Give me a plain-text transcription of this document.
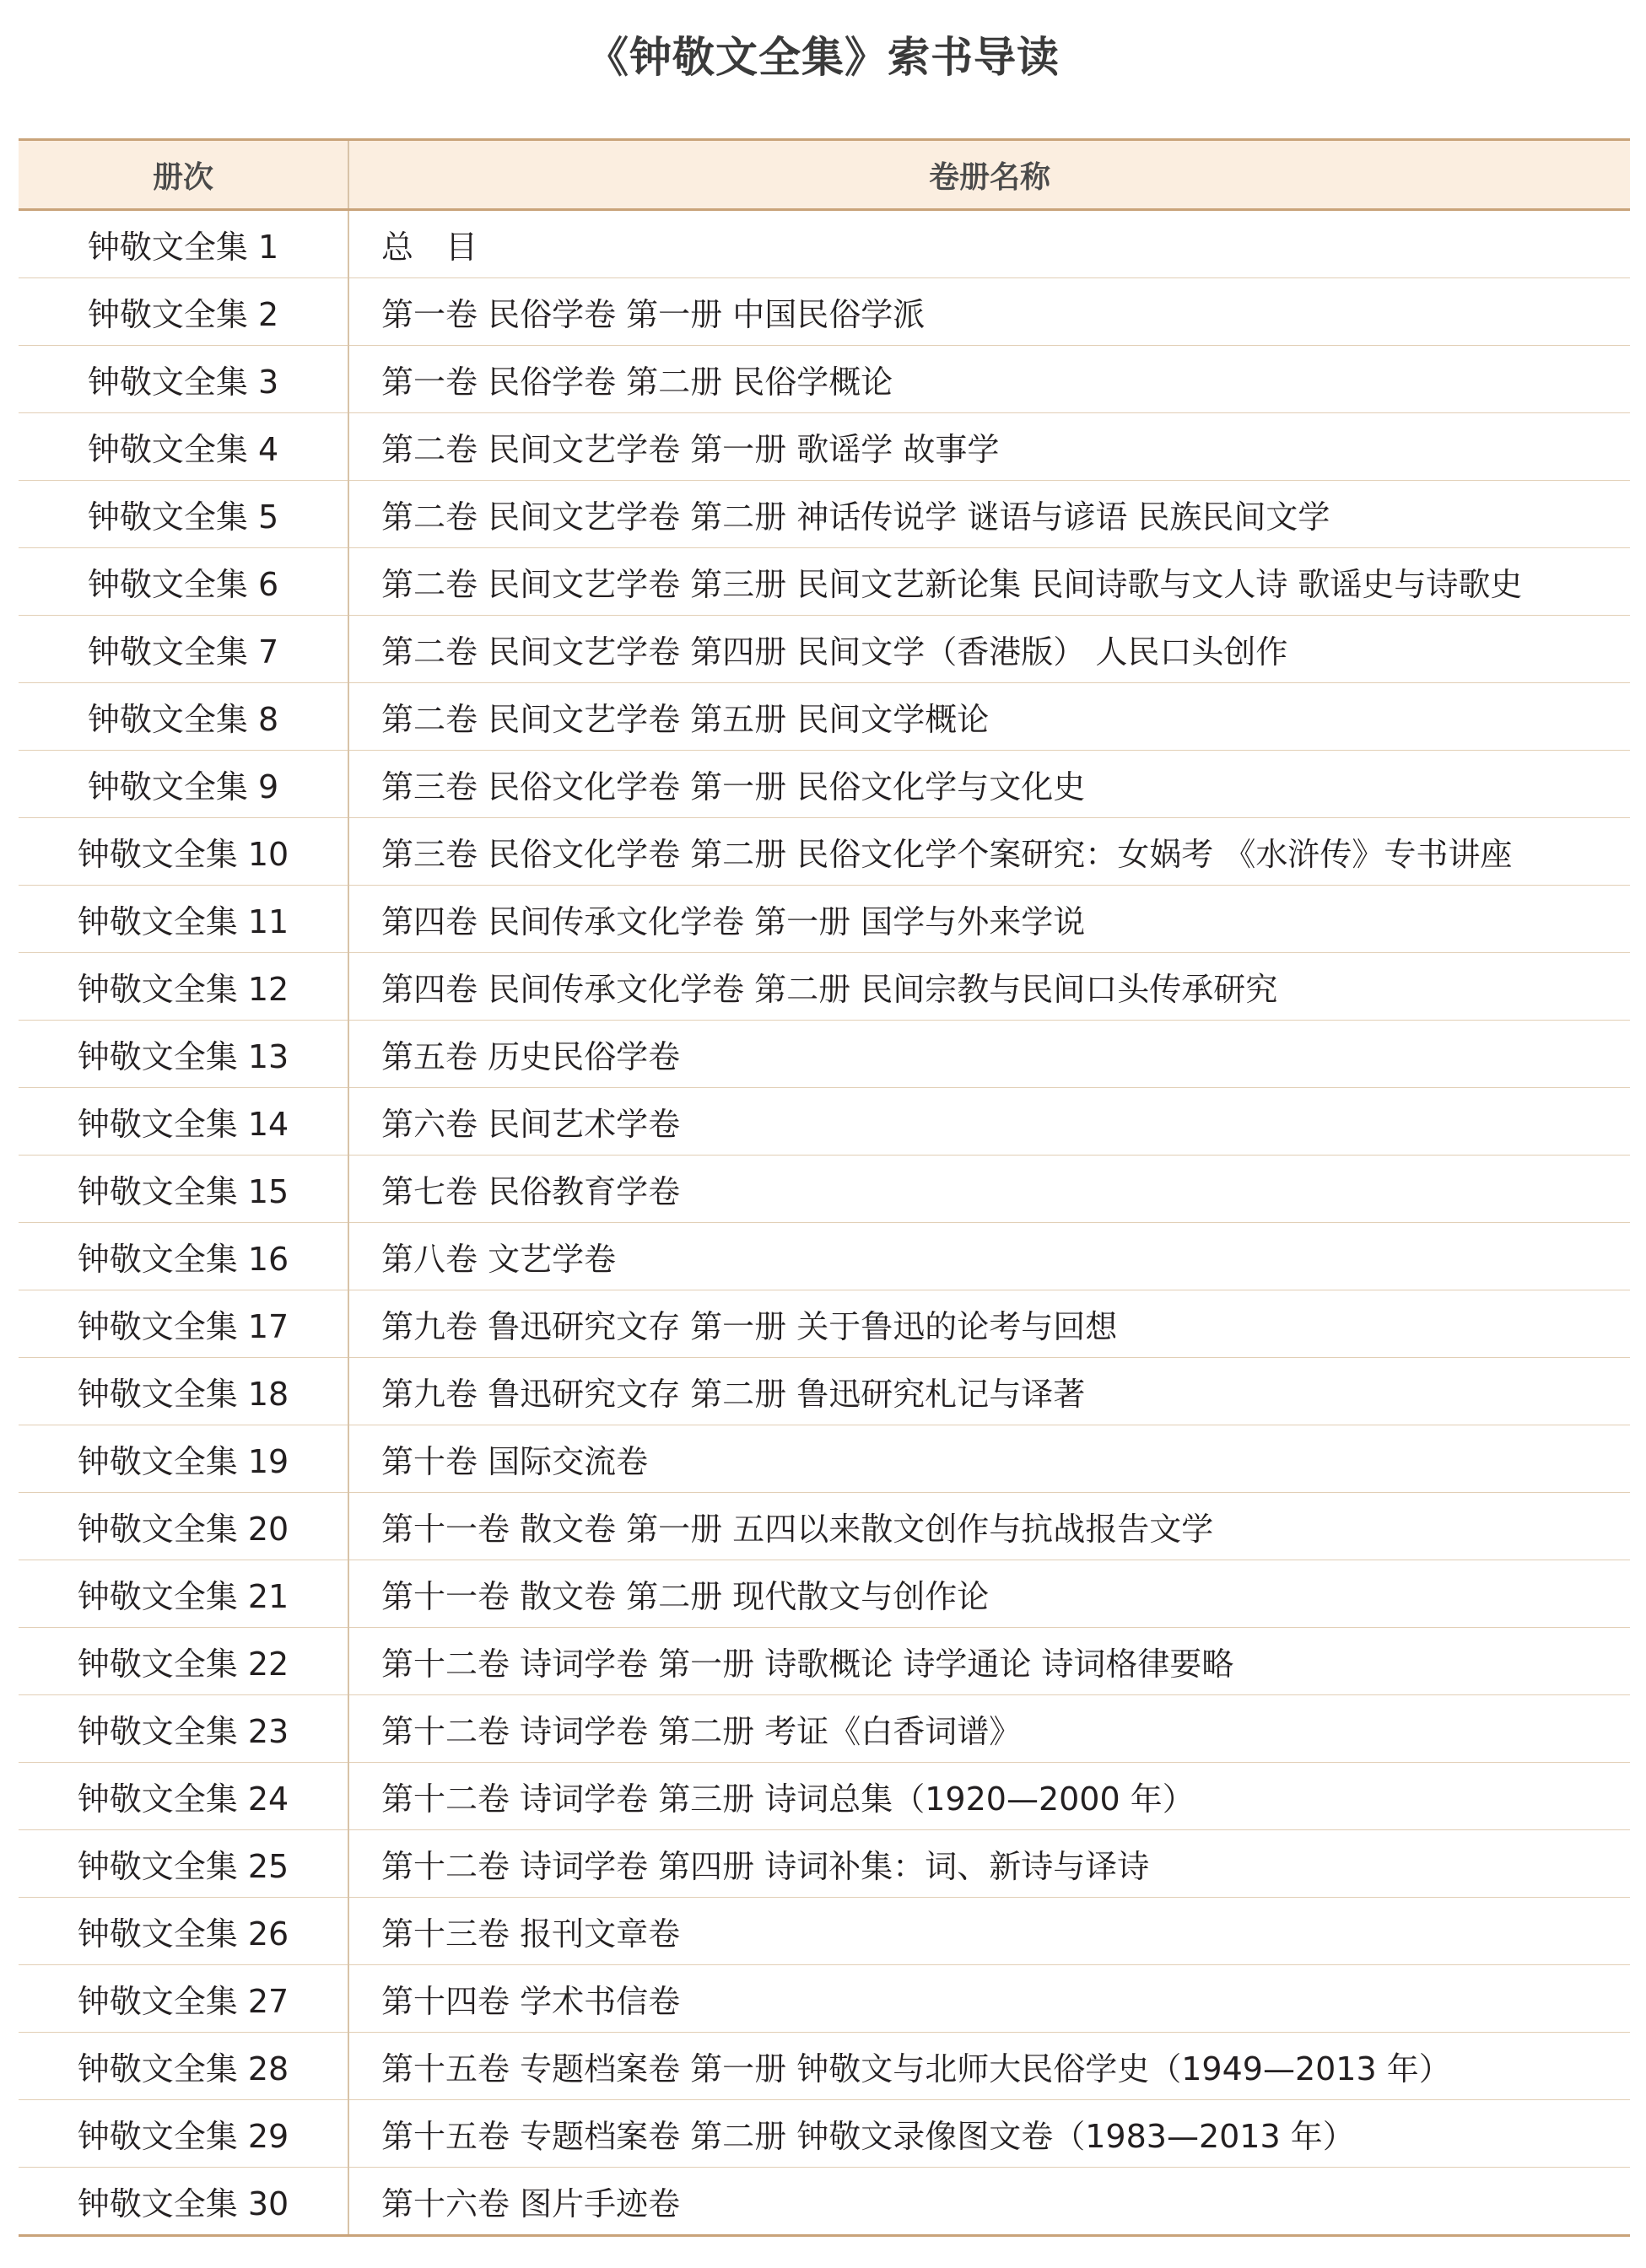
《钟敬文全集》索书导读
册次	卷册名称
钟敬文全集 1	总　目
钟敬文全集 2	第一卷 民俗学卷 第一册 中国民俗学派
钟敬文全集 3	第一卷 民俗学卷 第二册 民俗学概论
钟敬文全集 4	第二卷 民间文艺学卷 第一册 歌谣学 故事学
钟敬文全集 5	第二卷 民间文艺学卷 第二册 神话传说学 谜语与谚语 民族民间文学
钟敬文全集 6	第二卷 民间文艺学卷 第三册 民间文艺新论集 民间诗歌与文人诗 歌谣史与诗歌史
钟敬文全集 7	第二卷 民间文艺学卷 第四册 民间文学（香港版） 人民口头创作
钟敬文全集 8	第二卷 民间文艺学卷 第五册 民间文学概论
钟敬文全集 9	第三卷 民俗文化学卷 第一册 民俗文化学与文化史
钟敬文全集 10	第三卷 民俗文化学卷 第二册 民俗文化学个案研究：女娲考 《水浒传》专书讲座
钟敬文全集 11	第四卷 民间传承文化学卷 第一册 国学与外来学说
钟敬文全集 12	第四卷 民间传承文化学卷 第二册 民间宗教与民间口头传承研究
钟敬文全集 13	第五卷 历史民俗学卷
钟敬文全集 14	第六卷 民间艺术学卷
钟敬文全集 15	第七卷 民俗教育学卷
钟敬文全集 16	第八卷 文艺学卷
钟敬文全集 17	第九卷 鲁迅研究文存 第一册 关于鲁迅的论考与回想
钟敬文全集 18	第九卷 鲁迅研究文存 第二册 鲁迅研究札记与译著
钟敬文全集 19	第十卷 国际交流卷
钟敬文全集 20	第十一卷 散文卷 第一册 五四以来散文创作与抗战报告文学
钟敬文全集 21	第十一卷 散文卷 第二册 现代散文与创作论
钟敬文全集 22	第十二卷 诗词学卷 第一册 诗歌概论 诗学通论 诗词格律要略
钟敬文全集 23	第十二卷 诗词学卷 第二册 考证《白香词谱》
钟敬文全集 24	第十二卷 诗词学卷 第三册 诗词总集（1920—2000 年）
钟敬文全集 25	第十二卷 诗词学卷 第四册 诗词补集：词、新诗与译诗
钟敬文全集 26	第十三卷 报刊文章卷
钟敬文全集 27	第十四卷 学术书信卷
钟敬文全集 28	第十五卷 专题档案卷 第一册 钟敬文与北师大民俗学史（1949—2013 年）
钟敬文全集 29	第十五卷 专题档案卷 第二册 钟敬文录像图文卷（1983—2013 年）
钟敬文全集 30	第十六卷 图片手迹卷
